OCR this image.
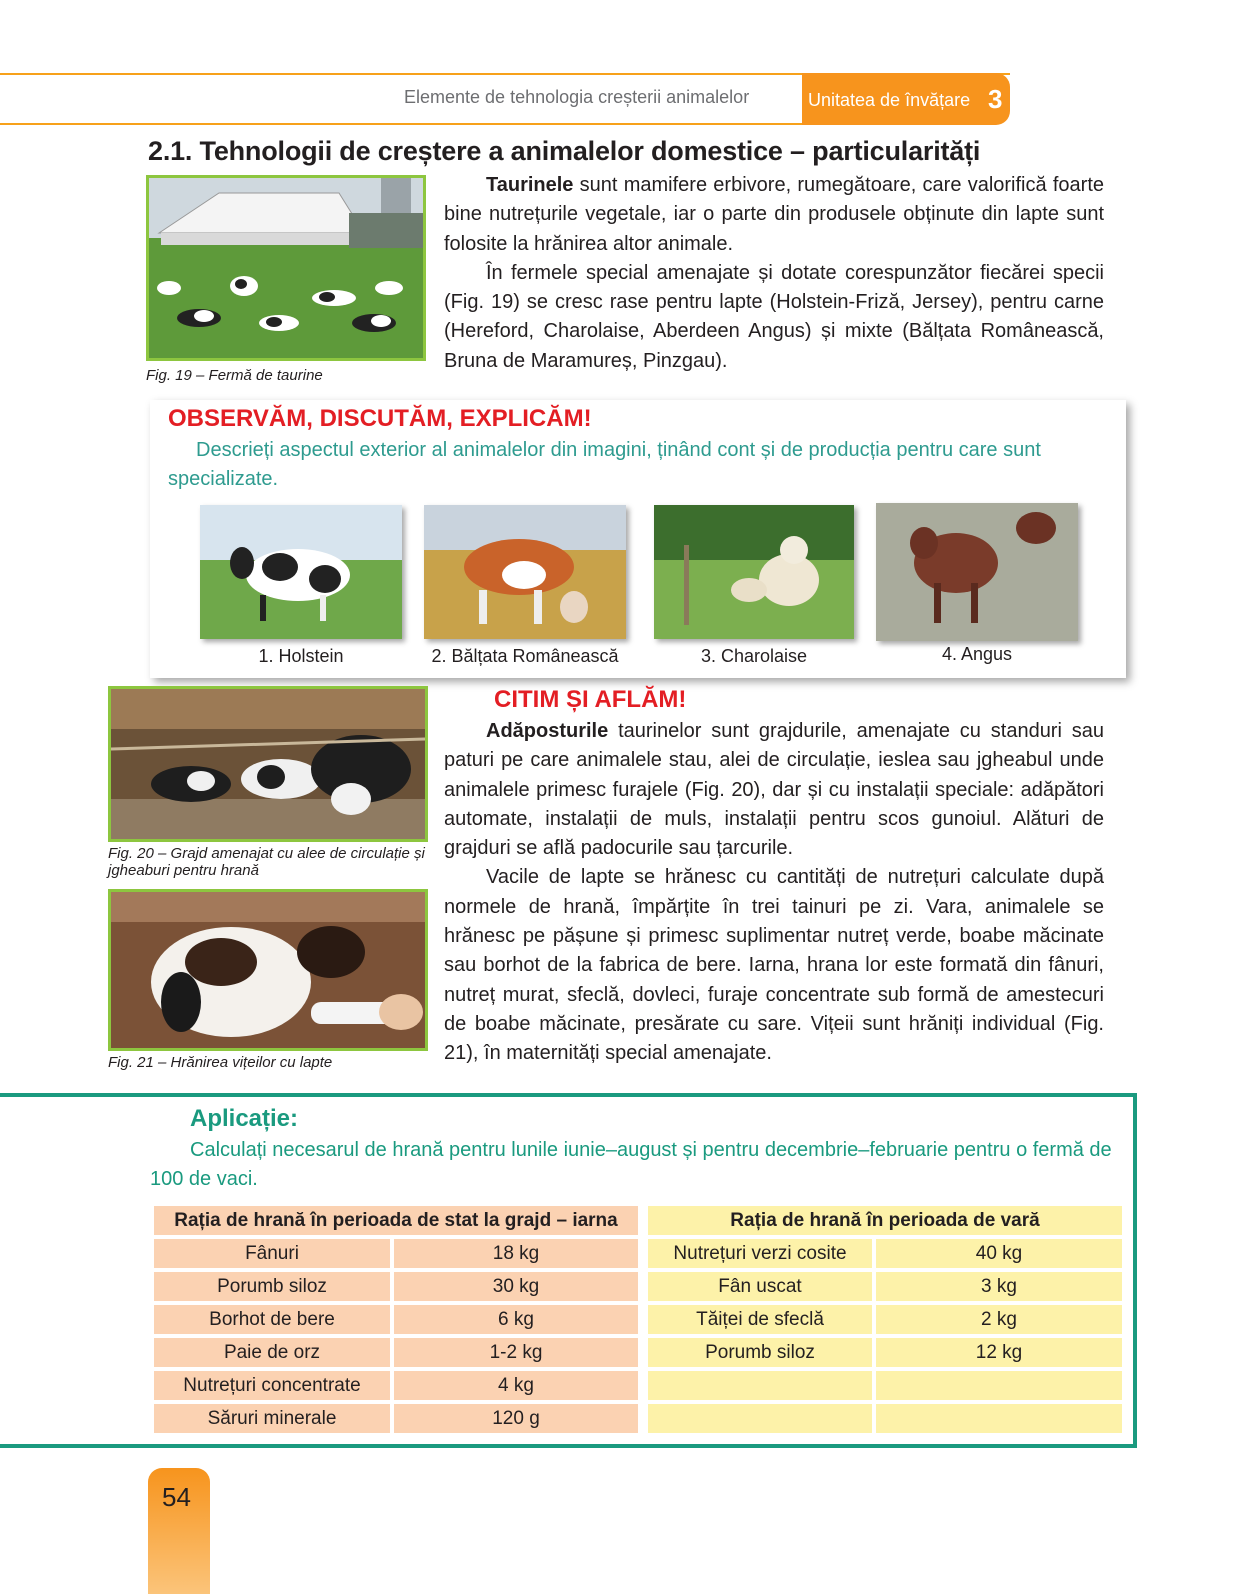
Elemente de tehnologia creșterii animalelor	Unitatea de învățare 3
2.1. Tehnologii de creștere a animalelor domestice – particularități
Fig. 19 – Fermă de taurine

Taurinele sunt mamifere erbivore, rumegătoare, care valorifică foarte bine nutrețurile vegetale, iar o parte din produsele obținute din lapte sunt folosite la hrănirea altor animale.

În fermele special amenajate și dotate corespunzător fiecărei specii (Fig. 19) se cresc rase pentru lapte (Holstein-Friză, Jersey), pentru carne (Hereford, Charolaise, Aberdeen Angus) și mixte (Bălțata Românească, Bruna de Maramureș, Pinzgau).

OBSERVĂM, DISCUTĂM, EXPLICĂM!
Descrieți aspectul exterior al animalelor din imagini, ținând cont și de producția pentru care sunt specializate.
1. Holstein	2. Bălțata Românească	3. Charolaise	4. Angus
Fig. 20 – Grajd amenajat cu alee de circulație și jgheaburi pentru hrană
Fig. 21 – Hrănirea vițeilor cu lapte
CITIM ȘI AFLĂM!

Adăposturile taurinelor sunt grajdurile, amenajate cu standuri sau paturi pe care animalele stau, alei de circulație, ieslea sau jgheabul unde animalele primesc furajele (Fig. 20), dar și cu instalații speciale: adăpători automate, instalații de muls, instalații pentru scos gunoiul. Alături de grajduri se află padocurile sau țarcurile.

Vacile de lapte se hrănesc cu cantități de nutrețuri calculate după normele de hrană, împărțite în trei tainuri pe zi. Vara, animalele se hrănesc pe pășune și primesc suplimentar nutreț verde, boabe măcinate sau borhot de la fabrica de bere. Iarna, hrana lor este formată din fânuri, nutreț murat, sfeclă, dovleci, furaje concentrate sub formă de amestecuri de boabe măcinate, presărate cu sare. Vițeii sunt hrăniți individual (Fig. 21), în maternități special amenajate.

Aplicație:
Calculați necesarul de hrană pentru lunile iunie–august și pentru decembrie–februarie pentru o fermă de 100 de vaci.
Rația de hrană în perioada de stat la grajd – iarna	
Fânuri	18 kg
Porumb siloz	30 kg
Borhot de bere	6 kg
Paie de orz	1-2 kg
Nutrețuri concentrate	4 kg
Săruri minerale	120 g
Rația de hrană în perioada de vară	
Nutrețuri verzi cosite	40 kg
Fân uscat	3 kg
Tăiței de sfeclă	2 kg
Porumb siloz	12 kg

54
